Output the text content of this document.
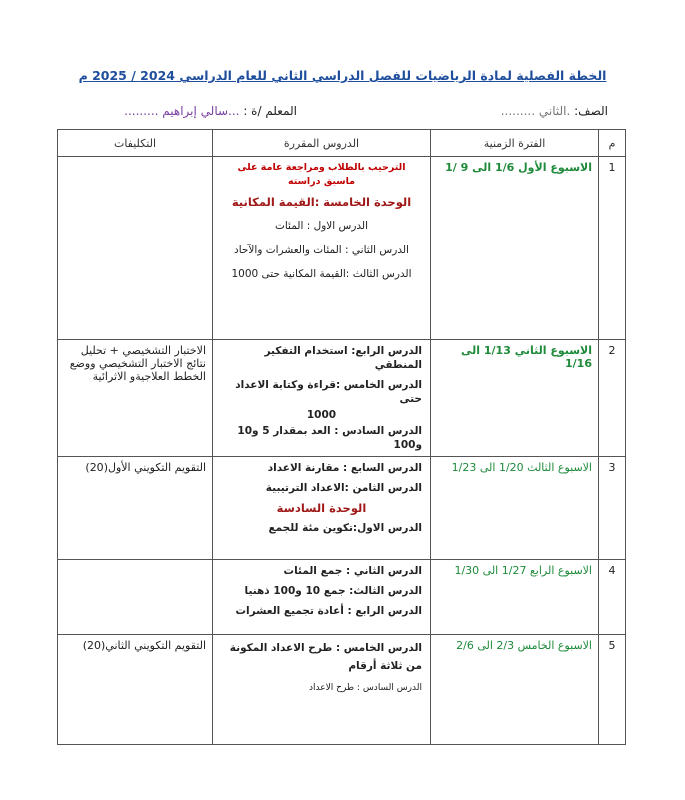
الخطة الفصلية لمادة الرياضيات للفصل الدراسي الثاني للعام الدراسي 2024 / 2025 م
الصف: .الثاني .........
المعلم /ة : ...سالي إبراهيم .........
م	الفترة الزمنية	الدروس المقررة	التكليفات
1	الاسبوع الأول 1/6 الى 9 /1	الترحيب بالطلاب ومراجعة عامة على ماسبق دراسته
الوحدة الخامسة :القيمة المكانية
الدرس الاول : المئات
الدرس الثاني : المئات والعشرات والآحاد
الدرس الثالث :القيمة المكانية حتى 1000	

2	الاسبوع الثاني 1/13 الى 1/16	الدرس الرابع: استخدام التفكير المنطقي
الدرس الخامس :قراءة وكتابة الاعداد حتى
1000
الدرس السادس : العد بمقدار 5 و10 و100	الاختبار التشخيصي + تحليل نتائج الاختبار التشخيصي ووضع الخطط العلاجيةو الاثرائية
3	الاسبوع الثالث 1/20 الى 1/23	الدرس السابع : مقارنة الاعداد
الدرس الثامن :الاعداد الترتيبية
الوحدة السادسة
الدرس الاول:تكوين مئة للجمع	التقويم التكويني الأول(20)
4	الاسبوع الرابع 1/27 الى 1/30	الدرس الثاني : جمع المئات
الدرس الثالث: جمع 10 و100 ذهنيا
الدرس الرابع : أعادة تجميع العشرات	

5	الاسبوع الخامس 2/3 الى 2/6	الدرس الخامس : طرح الاعداد المكونة من ثلاثة أرقام
الدرس السادس : طرح الاعداد	التقويم التكويني الثاني(20)
